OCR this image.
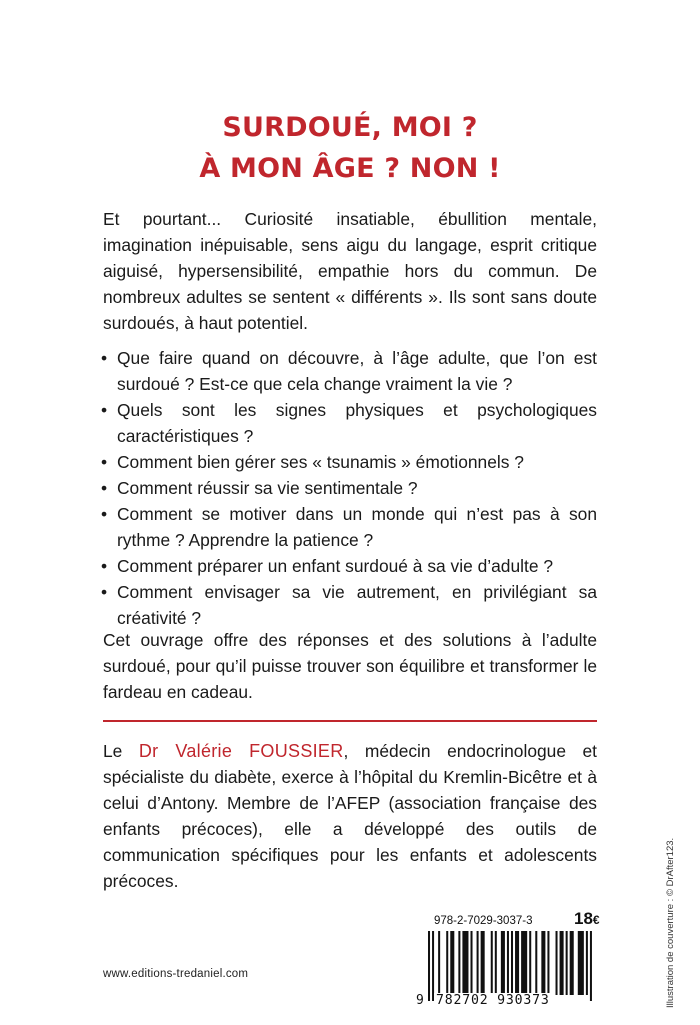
SURDOUÉ, MOI ?
À MON ÂGE ? NON !

Et pourtant... Curiosité insatiable, ébullition mentale, imagination inépuisable, sens aigu du langage, esprit critique aiguisé, hypersensibilité, empathie hors du commun. De nombreux adultes se sentent « différents ». Ils sont sans doute surdoués, à haut potentiel.

• Que faire quand on découvre, à l’âge adulte, que l’on est surdoué ? Est-ce que cela change vraiment la vie ?
• Quels sont les signes physiques et psychologiques caractéristiques ?
• Comment bien gérer ses « tsunamis » émotionnels ?
• Comment réussir sa vie sentimentale ?
• Comment se motiver dans un monde qui n’est pas à son rythme ? Apprendre la patience ?
• Comment préparer un enfant surdoué à sa vie d’adulte ?
• Comment envisager sa vie autrement, en privilégiant sa créativité ?

Cet ouvrage offre des réponses et des solutions à l’adulte surdoué, pour qu’il puisse trouver son équilibre et transformer le fardeau en cadeau.

Le Dr Valérie FOUSSIER, médecin endocrinologue et spécialiste du diabète, exerce à l’hôpital du Kremlin-Bicêtre et à celui d’Antony. Membre de l’AFEP (association française des enfants précoces), elle a développé des outils de communication spécifiques pour les enfants et adolescents précoces.	Illustration de couverture : © DrAfter123.
www.editions-tredaniel.com
978-2-7029-3037-3 18€
9 782702 930373
